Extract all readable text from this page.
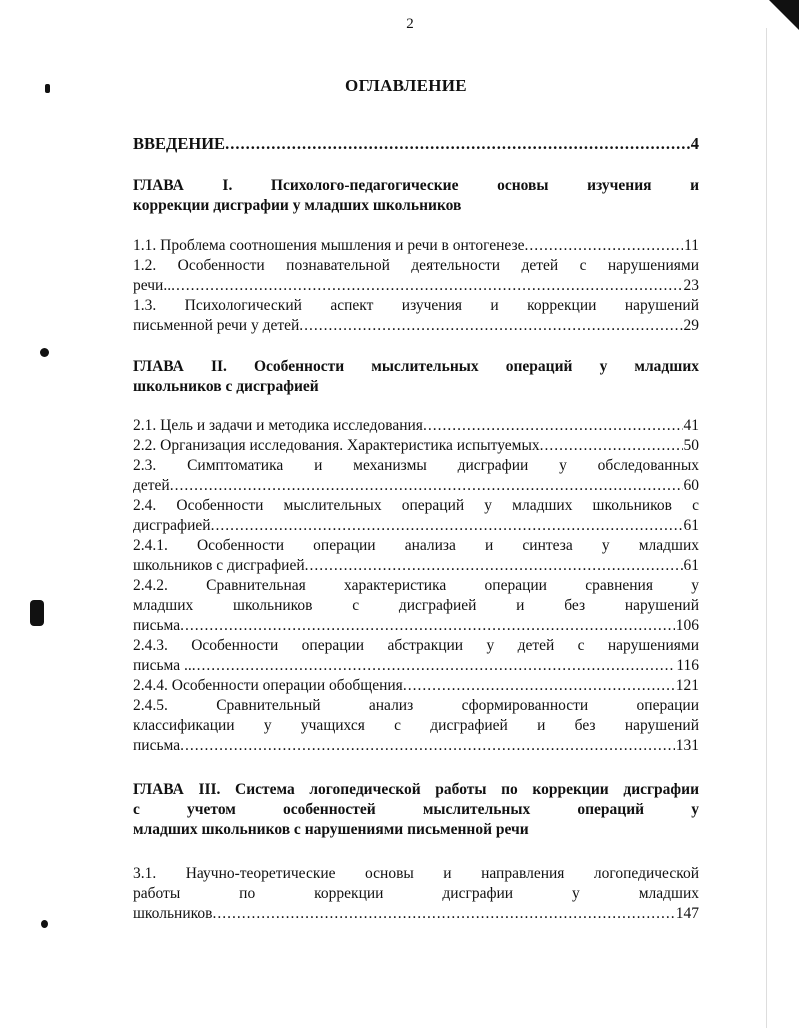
2
ОГЛАВЛЕНИЕ
ВВЕДЕНИЕ .....	4
ГЛАВА I. Психолого-педагогические основы изучения и
коррекции дисграфии у младших школьников
1.1. Проблема соотношения мышления и речи в онтогенезе .....	11
1.2. Особенности познавательной деятельности детей с нарушениями
речи.. .....	23
1.3. Психологический аспект изучения и коррекции нарушений
письменной речи у детей .....	29
ГЛАВА II. Особенности мыслительных операций у младших
школьников с дисграфией
2.1. Цель и задачи и методика исследования .....	41
2.2. Организация исследования. Характеристика испытуемых .....	50
2.3. Симптоматика и механизмы дисграфии у обследованных
детей .....	60
2.4. Особенности мыслительных операций у младших школьников с
дисграфией .....	61
2.4.1. Особенности операции анализа и синтеза у младших
школьников с дисграфией .....	61
2.4.2. Сравнительная характеристика операции сравнения у
младших школьников с дисграфией и без нарушений
письма .....	106
2.4.3. Особенности операции абстракции у детей с нарушениями
письма .. .....	116
2.4.4. Особенности операции обобщения .....	121
2.4.5. Сравнительный анализ сформированности операции
классификации у учащихся с дисграфией и без нарушений
письма .....	131
ГЛАВА III. Система логопедической работы по коррекции дисграфии
с учетом особенностей мыслительных операций у
младших школьников с нарушениями письменной речи
3.1. Научно-теоретические основы и направления логопедической
работы по коррекции дисграфии у младших
школьников .....	147
